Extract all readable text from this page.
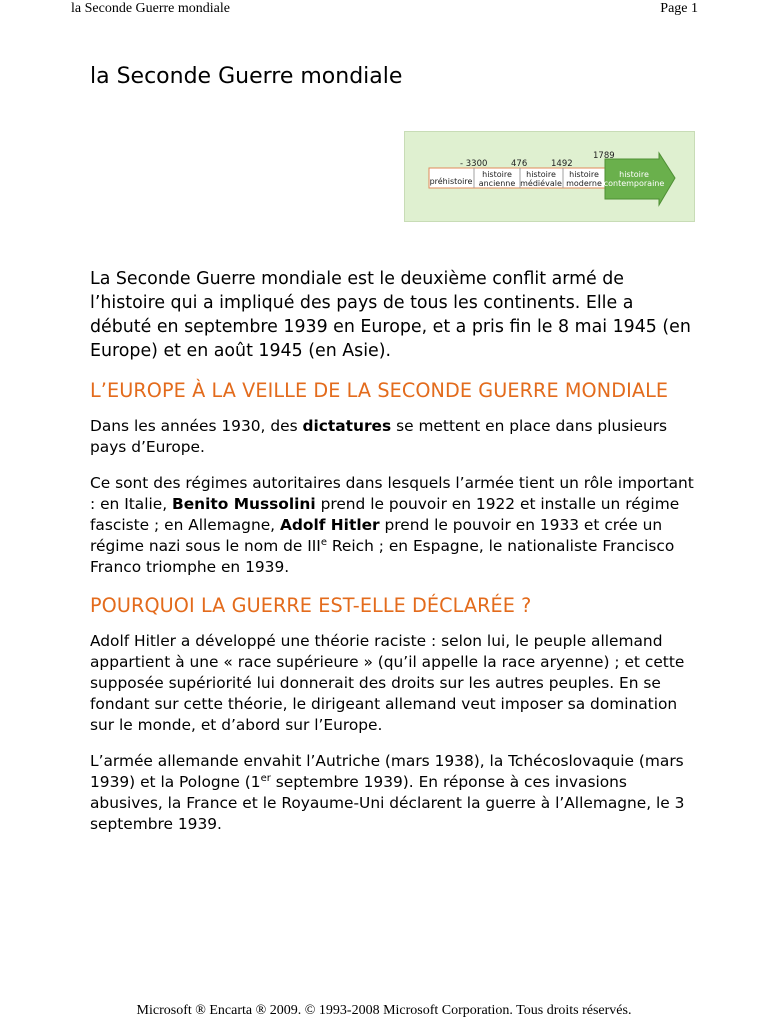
la Seconde Guerre mondiale	Page 1
la Seconde Guerre mondiale
- 3300	476	1492
1789
préhistoire
histoire
ancienne
histoire
médiévale
histoire
moderne
histoire
contemporaine

La Seconde Guerre mondiale est le deuxième conflit armé de l’histoire qui a impliqué des pays de tous les continents. Elle a débuté en septembre 1939 en Europe, et a pris fin le 8 mai 1945 (en Europe) et en août 1945 (en Asie).

L’EUROPE À LA VEILLE DE LA SECONDE GUERRE MONDIALE

Dans les années 1930, des dictatures se mettent en place dans plusieurs pays d’Europe.

Ce sont des régimes autoritaires dans lesquels l’armée tient un rôle important : en Italie, Benito Mussolini prend le pouvoir en 1922 et installe un régime fasciste ; en Allemagne, Adolf Hitler prend le pouvoir en 1933 et crée un régime nazi sous le nom de IIIe Reich ; en Espagne, le nationaliste Francisco Franco triomphe en 1939.

POURQUOI LA GUERRE EST-ELLE DÉCLARÉE ?

Adolf Hitler a développé une théorie raciste : selon lui, le peuple allemand appartient à une « race supérieure » (qu’il appelle la race aryenne) ; et cette supposée supériorité lui donnerait des droits sur les autres peuples. En se fondant sur cette théorie, le dirigeant allemand veut imposer sa domination sur le monde, et d’abord sur l’Europe.

L’armée allemande envahit l’Autriche (mars 1938), la Tchécoslovaquie (mars 1939) et la Pologne (1er septembre 1939). En réponse à ces invasions abusives, la France et le Royaume-Uni déclarent la guerre à l’Allemagne, le 3 septembre 1939.

Microsoft ® Encarta ® 2009. © 1993-2008 Microsoft Corporation. Tous droits réservés.
